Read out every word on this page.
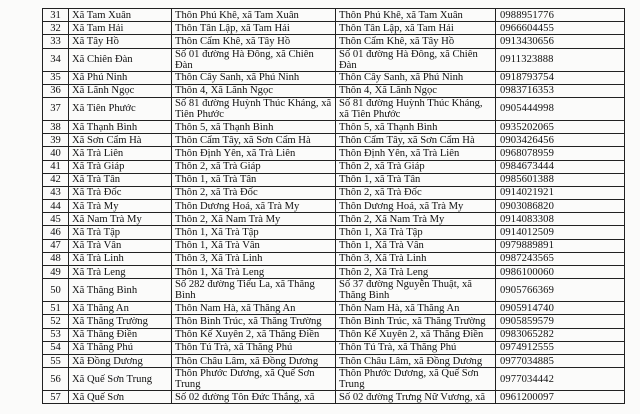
31	Xã Tam Xuân	Thôn Phú Khê, xã Tam Xuân	Thôn Phú Khê, xã Tam Xuân	0988951776
32	Xã Tam Hải	Thôn Tân Lập, xã Tam Hải	Thôn Tân Lập, xã Tam Hải	0966604455
33	Xã Tây Hồ	Thôn Cẩm Khê, xã Tây Hồ	Thôn Cẩm Khê, xã Tây Hồ	0913430656
34	Xã Chiên Đàn	Số 01 đường Hà Đông, xã Chiên Đàn	Số 01 đường Hà Đông, xã Chiên Đàn	0911323888
35	Xã Phú Ninh	Thôn Cây Sanh, xã Phú Ninh	Thôn Cây Sanh, xã Phú Ninh	0918793754
36	Xã Lãnh Ngọc	Thôn 4, Xã Lãnh Ngọc	Thôn 4, Xã Lãnh Ngọc	0983716353
37	Xã Tiên Phước	Số 81 đường Huỳnh Thúc Kháng, xã Tiên Phước	Số 81 đường Huỳnh Thúc Kháng, xã Tiên Phước	0905444998
38	Xã Thạnh Bình	Thôn 5, xã Thạnh Bình	Thôn 5, xã Thạnh Bình	0935202065
39	Xã Sơn Cẩm Hà	Thôn Cẩm Tây, xã Sơn Cẩm Hà	Thôn Cẩm Tây, xã Sơn Cẩm Hà	0903426456
40	Xã Trà Liên	Thôn Định Yên, xã Trà Liên	Thôn Định Yên, xã Trà Liên	0968078959
41	Xã Trà Giáp	Thôn 2, xã Trà Giáp	Thôn 2, xã Trà Giáp	0984673444
42	Xã Trà Tân	Thôn 1, xã Trà Tân	Thôn 1, xã Trà Tân	0985601388
43	Xã Trà Đốc	Thôn 2, xã Trà Đốc	Thôn 2, xã Trà Đốc	0914021921
44	Xã Trà My	Thôn Dương Hoá, xã Trà My	Thôn Dương Hoá, xã Trà My	0903086820
45	Xã Nam Trà My	Thôn 2, Xã Nam Trà My	Thôn 2, Xã Nam Trà My	0914083308
46	Xã Trà Tập	Thôn 1, Xã Trà Tập	Thôn 1, Xã Trà Tập	0914012509
47	Xã Trà Vân	Thôn 1, Xã Trà Vân	Thôn 1, Xã Trà Vân	0979889891
48	Xã Trà Linh	Thôn 3, Xã Trà Linh	Thôn 3, Xã Trà Linh	0987243565
49	Xã Trà Leng	Thôn 1, Xã Trà Leng	Thôn 2, Xã Trà Leng	0986100060
50	Xã Thăng Bình	Số 282 đường Tiểu La, xã Thăng Bình	Số 37 đường Nguyễn Thuật, xã Thăng Bình	0905766369
51	Xã Thăng An	Thôn Nam Hà, xã Thăng An	Thôn Nam Hà, xã Thăng An	0905914740
52	Xã Thăng Trường	Thôn Bình Trúc, xã Thăng Trường	Thôn Bình Trúc, xã Thăng Trường	0905859579
53	Xã Thăng Điền	Thôn Kế Xuyên 2, xã Thăng Điền	Thôn Kế Xuyên 2, xã Thăng Điền	0983065282
54	Xã Thăng Phú	Thôn Tú Trà, xã Thăng Phú	Thôn Tú Trà, xã Thăng Phú	0974912555
55	Xã Đồng Dương	Thôn Châu Lâm, xã Đồng Dương	Thôn Châu Lâm, xã Đồng Dương	0977034885
56	Xã Quế Sơn Trung	Thôn Phước Dương, xã Quế Sơn Trung	Thôn Phước Dương, xã Quế Sơn Trung	0977034442
57	Xã Quế Sơn	Số 02 đường Tôn Đức Thắng, xã	Số 02 đường Trưng Nữ Vương, xã	0961200097
